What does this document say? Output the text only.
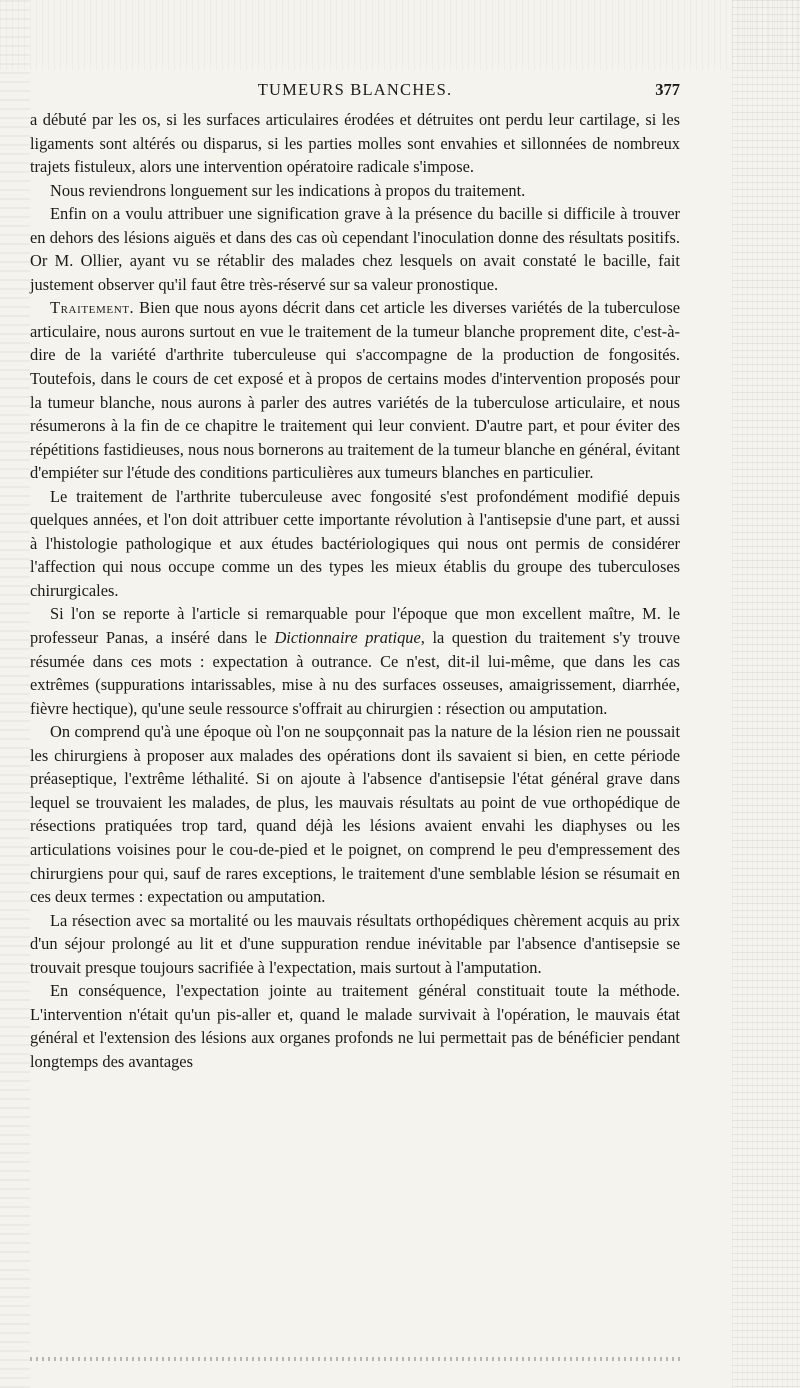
TUMEURS BLANCHES.	377

a débuté par les os, si les surfaces articulaires érodées et détruites ont perdu leur cartilage, si les ligaments sont altérés ou disparus, si les parties molles sont envahies et sillonnées de nombreux trajets fistuleux, alors une intervention opératoire radicale s'impose.

Nous reviendrons longuement sur les indications à propos du traitement.

Enfin on a voulu attribuer une signification grave à la présence du bacille si difficile à trouver en dehors des lésions aiguës et dans des cas où cependant l'inoculation donne des résultats positifs. Or M. Ollier, ayant vu se rétablir des malades chez lesquels on avait constaté le bacille, fait justement observer qu'il faut être très-réservé sur sa valeur pronostique.

Traitement. Bien que nous ayons décrit dans cet article les diverses variétés de la tuberculose articulaire, nous aurons surtout en vue le traitement de la tumeur blanche proprement dite, c'est-à-dire de la variété d'arthrite tuberculeuse qui s'accompagne de la production de fongosités. Toutefois, dans le cours de cet exposé et à propos de certains modes d'intervention proposés pour la tumeur blanche, nous aurons à parler des autres variétés de la tuberculose articulaire, et nous résumerons à la fin de ce chapitre le traitement qui leur convient. D'autre part, et pour éviter des répétitions fastidieuses, nous nous bornerons au traitement de la tumeur blanche en général, évitant d'empiéter sur l'étude des conditions particulières aux tumeurs blanches en particulier.

Le traitement de l'arthrite tuberculeuse avec fongosité s'est profondément modifié depuis quelques années, et l'on doit attribuer cette importante révolution à l'antisepsie d'une part, et aussi à l'histologie pathologique et aux études bactériologiques qui nous ont permis de considérer l'affection qui nous occupe comme un des types les mieux établis du groupe des tuberculoses chirurgicales.

Si l'on se reporte à l'article si remarquable pour l'époque que mon excellent maître, M. le professeur Panas, a inséré dans le Dictionnaire pratique, la question du traitement s'y trouve résumée dans ces mots : expectation à outrance. Ce n'est, dit-il lui-même, que dans les cas extrêmes (suppurations intarissables, mise à nu des surfaces osseuses, amaigrissement, diarrhée, fièvre hectique), qu'une seule ressource s'offrait au chirurgien : résection ou amputation.

On comprend qu'à une époque où l'on ne soupçonnait pas la nature de la lésion rien ne poussait les chirurgiens à proposer aux malades des opérations dont ils savaient si bien, en cette période préaseptique, l'extrême léthalité. Si on ajoute à l'absence d'antisepsie l'état général grave dans lequel se trouvaient les malades, de plus, les mauvais résultats au point de vue orthopédique de résections pratiquées trop tard, quand déjà les lésions avaient envahi les diaphyses ou les articulations voisines pour le cou-de-pied et le poignet, on comprend le peu d'empressement des chirurgiens pour qui, sauf de rares exceptions, le traitement d'une semblable lésion se résumait en ces deux termes : expectation ou amputation.

La résection avec sa mortalité ou les mauvais résultats orthopédiques chèrement acquis au prix d'un séjour prolongé au lit et d'une suppuration rendue inévitable par l'absence d'antisepsie se trouvait presque toujours sacrifiée à l'expectation, mais surtout à l'amputation.

En conséquence, l'expectation jointe au traitement général constituait toute la méthode. L'intervention n'était qu'un pis-aller et, quand le malade survivait à l'opération, le mauvais état général et l'extension des lésions aux organes profonds ne lui permettait pas de bénéficier pendant longtemps des avantages
